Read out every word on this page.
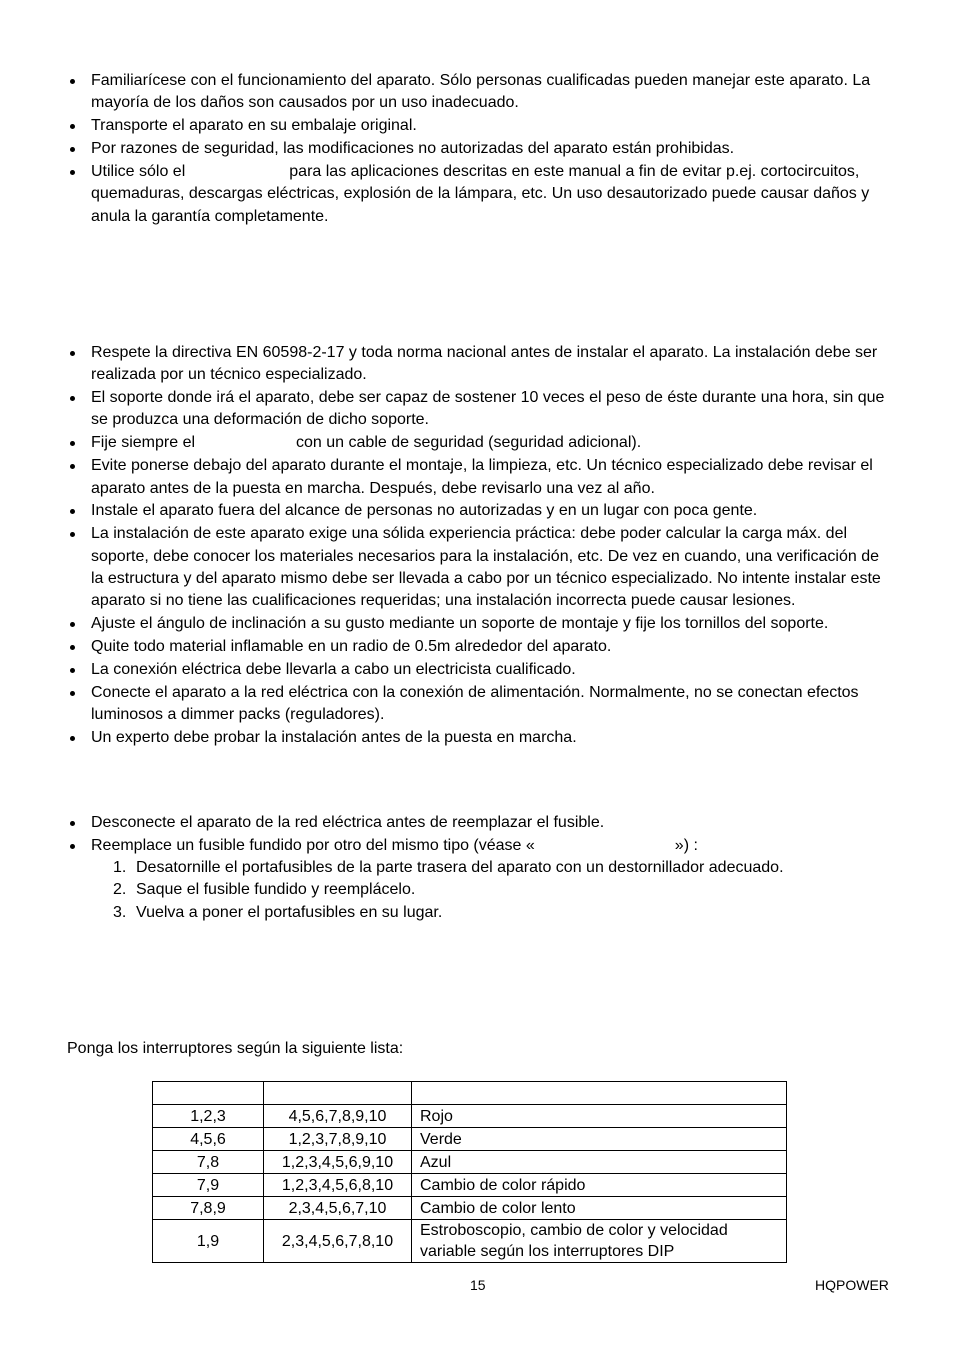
Familiarícese con el funcionamiento del aparato. Sólo personas cualificadas pueden manejar este aparato. La mayoría de los daños son causados por un uso inadecuado.
Transporte el aparato en su embalaje original.
Por razones de seguridad, las modificaciones no autorizadas del aparato están prohibidas.
Utilice sólo el	para las aplicaciones descritas en este manual a fin de evitar p.ej. cortocircuitos, quemaduras, descargas eléctricas, explosión de la lámpara, etc. Un uso desautorizado puede causar daños y anula la garantía completamente.
Respete la directiva EN 60598-2-17 y toda norma nacional antes de instalar el aparato. La instalación debe ser realizada por un técnico especializado.
El soporte donde irá el aparato, debe ser capaz de sostener 10 veces el peso de éste durante una hora, sin que se produzca una deformación de dicho soporte.
Fije siempre el	con un cable de seguridad (seguridad adicional).
Evite ponerse debajo del aparato durante el montaje, la limpieza, etc. Un técnico especializado debe revisar el aparato antes de la puesta en marcha. Después, debe revisarlo una vez al año.
Instale el aparato fuera del alcance de personas no autorizadas y en un lugar con poca gente.
La instalación de este aparato exige una sólida experiencia práctica: debe poder calcular la carga máx. del soporte, debe conocer los materiales necesarios para la instalación, etc. De vez en cuando, una verificación de la estructura y del aparato mismo debe ser llevada a cabo por un técnico especializado. No intente instalar este aparato si no tiene las cualificaciones requeridas; una instalación incorrecta puede causar lesiones.
Ajuste el ángulo de inclinación a su gusto mediante un soporte de montaje y fije los tornillos del soporte.
Quite todo material inflamable en un radio de 0.5m alrededor del aparato.
La conexión eléctrica debe llevarla a cabo un electricista cualificado.
Conecte el aparato a la red eléctrica con la conexión de alimentación. Normalmente, no se conectan efectos luminosos a dimmer packs (reguladores).
Un experto debe probar la instalación antes de la puesta en marcha.
Desconecte el aparato de la red eléctrica antes de reemplazar el fusible.
Reemplace un fusible fundido por otro del mismo tipo (véase «	») :
1. Desatornille el portafusibles de la parte trasera del aparato con un destornillador adecuado.
2. Saque el fusible fundido y reemplácelo.
3. Vuelva a poner el portafusibles en su lugar.

Ponga los interruptores según la siguiente lista:

1,2,3	4,5,6,7,8,9,10	Rojo
4,5,6	1,2,3,7,8,9,10	Verde
7,8	1,2,3,4,5,6,9,10	Azul
7,9	1,2,3,4,5,6,8,10	Cambio de color rápido
7,8,9	2,3,4,5,6,7,10	Cambio de color lento
1,9	2,3,4,5,6,7,8,10	Estroboscopio, cambio de color y velocidad variable según los interruptores DIP
15	HQPOWER
